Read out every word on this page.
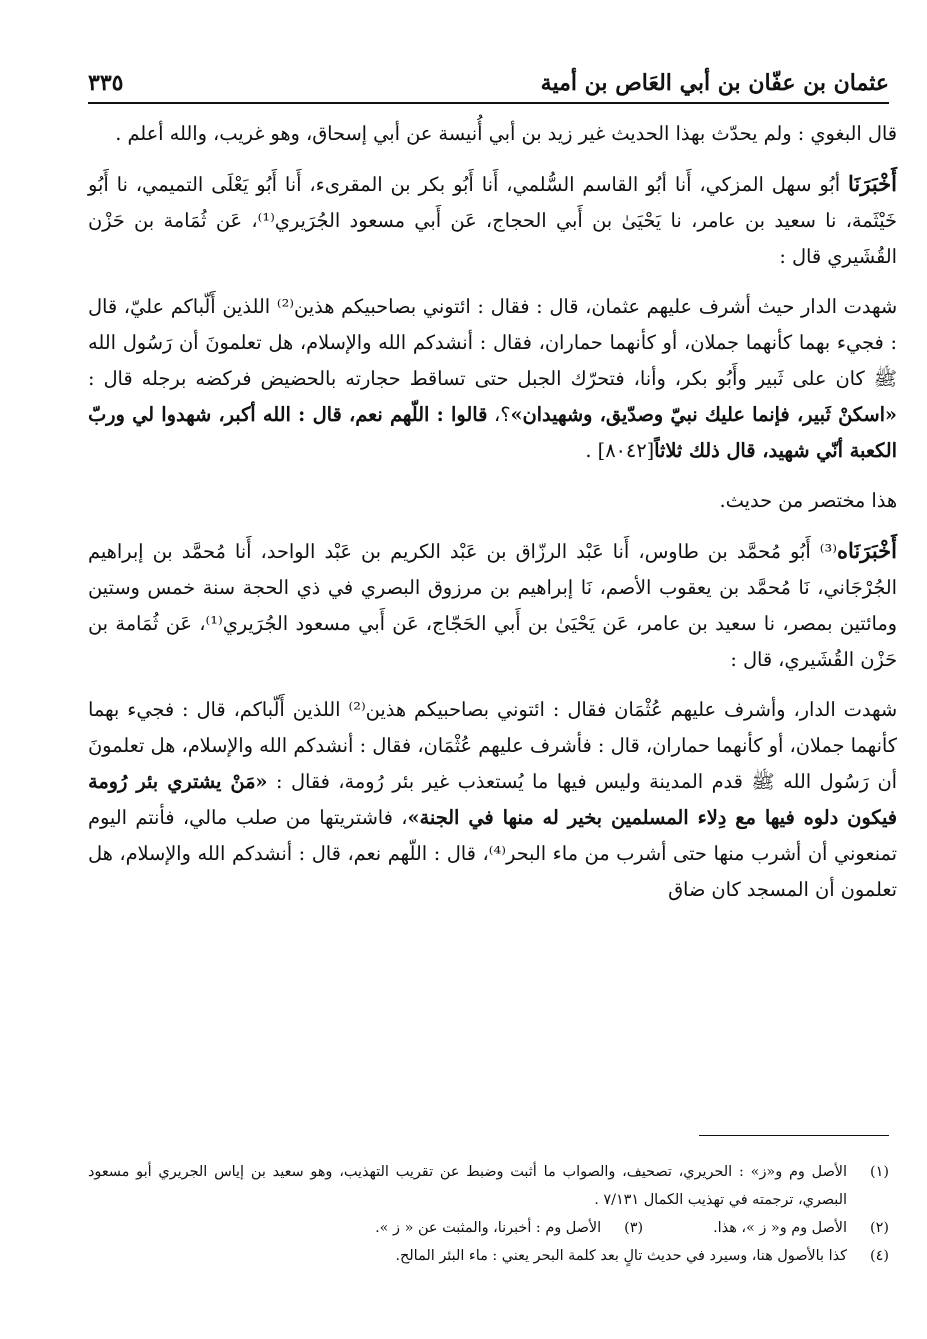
عثمان بن عفّان بن أبي العَاص بن أمية
٣٣٥

قال البغوي : ولم يحدّث بهذا الحديث غير زيد بن أبي أُنيسة عن أبي إسحاق، وهو غريب، والله أعلم .

أَخْبَرَنَا أبُو سهل المزكي، أَنا أبُو القاسم السُّلمي، أَنا أَبُو بكر بن المقرىء، أَنا أَبُو يَعْلَى التميمي، نا أَبُو خَيْثَمة، نا سعيد بن عامر، نا يَحْيَىٰ بن أَبي الحجاج، عَن أَبي مسعود الجُرَيري⁽¹⁾، عَن ثُمَامة بن حَزْن القُشَيري قال :

شهدت الدار حيث أشرف عليهم عثمان، قال : فقال : ائتوني بصاحبيكم هذين⁽²⁾ اللذين أَلّباكم عليّ، قال : فجيء بهما كأنهما جملان، أو كأنهما حماران، فقال : أنشدكم الله والإسلام، هل تعلمونَ أن رَسُول الله ﷺ كان على ثَبير وأَبُو بكر، وأنا، فتحرّك الجبل حتى تساقط حجارته بالحضيض فركضه برجله قال : «اسكنْ ثَبير، فإنما عليك نبيّ وصدّيق، وشهيدان»؟، قالوا : اللّهم نعم، قال : الله أكبر، شهدوا لي وربّ الكعبة أنّي شهيد، قال ذلك ثلاثاً[٨٠٤٢] .

هذا مختصر من حديث.

أَخْبَرَنَاه⁽³⁾ أَبُو مُحمَّد بن طاوس، أَنا عَبْد الرزّاق بن عَبْد الكريم بن عَبْد الواحد، أَنا مُحمَّد بن إبراهيم الجُرْجَاني، نَا مُحمَّد بن يعقوب الأصم، نَا إبراهيم بن مرزوق البصري في ذي الحجة سنة خمس وستين ومائتين بمصر، نا سعيد بن عامر، عَن يَحْيَىٰ بن أَبي الحَجّاج، عَن أَبي مسعود الجُرَيري⁽¹⁾، عَن ثُمَامة بن حَزْن القُشَيري، قال :

شهدت الدار، وأشرف عليهم عُثْمَان فقال : ائتوني بصاحبيكم هذين⁽²⁾ اللذين أَلّباكم، قال : فجيء بهما كأنهما جملان، أو كأنهما حماران، قال : فأشرف عليهم عُثْمَان، فقال : أنشدكم الله والإسلام، هل تعلمونَ أن رَسُول الله ﷺ قدم المدينة وليس فيها ما يُستعذب غير بئر رُومة، فقال : «مَنْ يشتري بئر رُومة فيكون دلوه فيها مع دِلاء المسلمين بخير له منها في الجنة»، فاشتريتها من صلب مالي، فأنتم اليوم تمنعوني أن أشرب منها حتى أشرب من ماء البحر⁽⁴⁾، قال : اللّهم نعم، قال : أنشدكم الله والإسلام، هل تعلمون أن المسجد كان ضاق

(١)
الأصل وم و«ز» : الحريري، تصحيف، والصواب ما أثبت وضبط عن تقريب التهذيب، وهو سعيد بن إياس الجريري أبو مسعود البصري، ترجمته في تهذيب الكمال ٧/١٣١ .
(٢)
الأصل وم و« ز »، هذا.
(٣)
الأصل وم : أخبرنا، والمثبت عن « ز ».
(٤)
كذا بالأصول هنا، وسيرد في حديث تالٍ بعد كلمة البحر يعني : ماء البئر المالح.
